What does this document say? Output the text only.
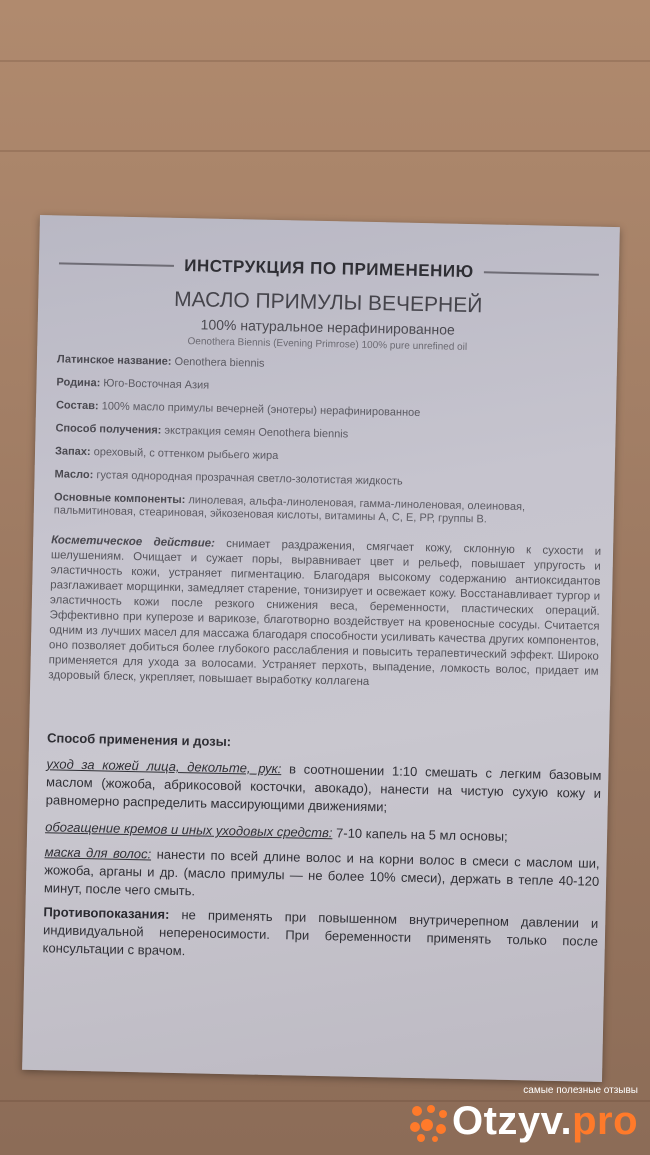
ИНСТРУКЦИЯ ПО ПРИМЕНЕНИЮ
МАСЛО ПРИМУЛЫ ВЕЧЕРНЕЙ
100% натуральное нерафинированное
Oenothera Biennis (Evening Primrose) 100% pure unrefined oil
Латинское название: Oenothera biennis
Родина: Юго-Восточная Азия
Состав: 100% масло примулы вечерней (энотеры) нерафинированное
Способ получения: экстракция семян Oenothera biennis
Запах: ореховый, с оттенком рыбьего жира
Масло: густая однородная прозрачная светло-золотистая жидкость
Основные компоненты: линолевая, альфа-линоленовая, гамма-линоленовая, олеиновая, пальмитиновая, стеариновая, эйкозеновая кислоты, витамины А, С, Е, РР, группы В.
Косметическое действие: снимает раздражения, смягчает кожу, склонную к сухости и шелушениям. Очищает и сужает поры, выравнивает цвет и рельеф, повышает упругость и эластичность кожи, устраняет пигментацию. Благодаря высокому содержанию антиоксидантов разглаживает морщинки, замедляет старение, тонизирует и освежает кожу. Восстанавливает тургор и эластичность кожи после резкого снижения веса, беременности, пластических операций. Эффективно при куперозе и варикозе, благотворно воздействует на кровеносные сосуды. Считается одним из лучших масел для массажа благодаря способности усиливать качества других компонентов, оно позволяет добиться более глубокого расслабления и повысить терапевтический эффект. Широко применяется для ухода за волосами. Устраняет перхоть, выпадение, ломкость волос, придает им здоровый блеск, укрепляет, повышает выработку коллагена
Способ применения и дозы:
уход за кожей лица, декольте, рук: в соотношении 1:10 смешать с легким базовым маслом (жожоба, абрикосовой косточки, авокадо), нанести на чистую сухую кожу и равномерно распределить массирующими движениями;
обогащение кремов и иных уходовых средств: 7-10 капель на 5 мл основы;
маска для волос: нанести по всей длине волос и на корни волос в смеси с маслом ши, жожоба, арганы и др. (масло примулы — не более 10% смеси), держать в тепле 40-120 минут, после чего смыть.
Противопоказания: не применять при повышенном внутричерепном давлении и индивидуальной непереносимости. При беременности применять только после консультации с врачом.
самые полезные отзывы
Otzyv.pro
